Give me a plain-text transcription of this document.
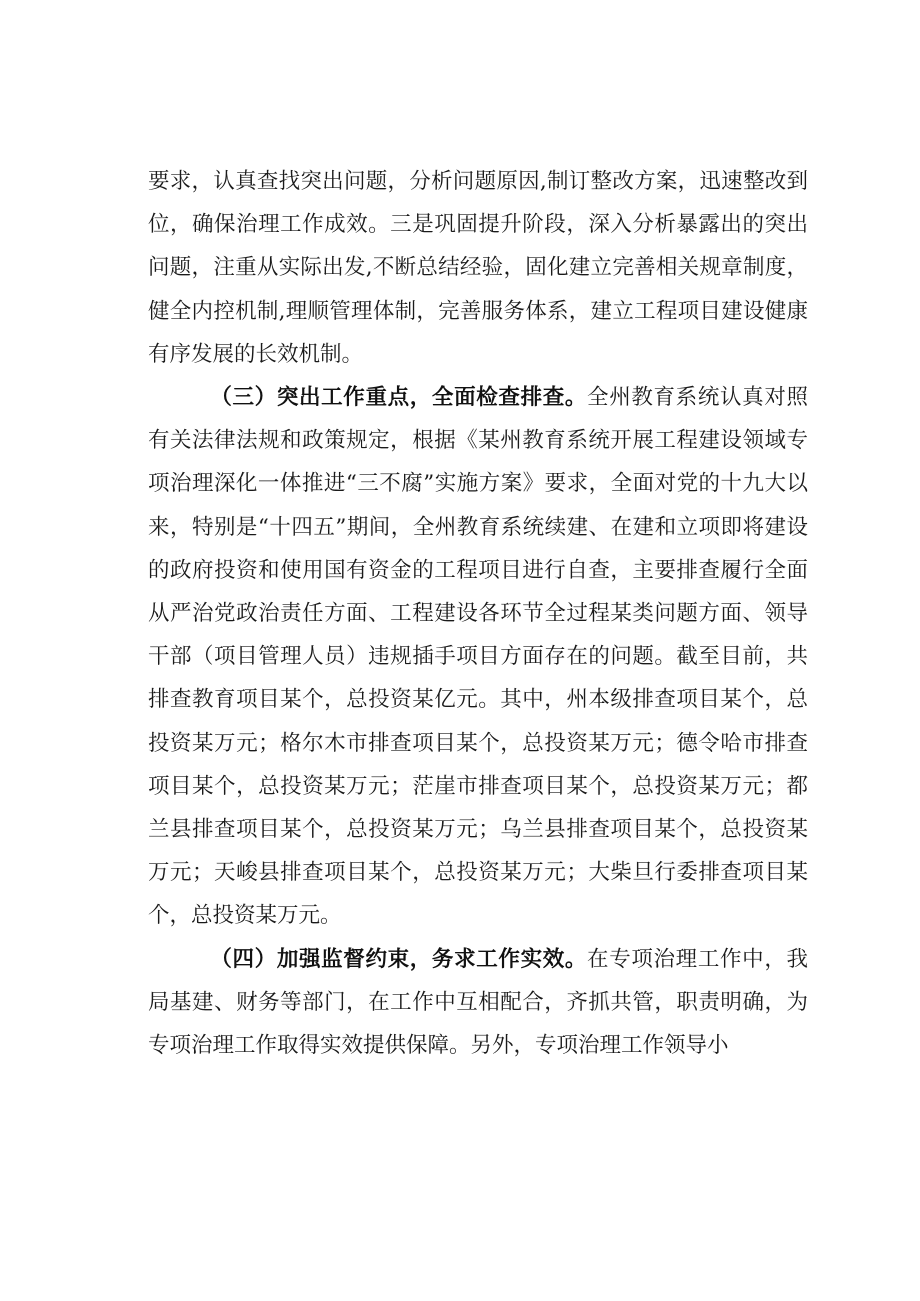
要求，认真查找突出问题，分析问题原因,制订整改方案，迅速整改到位，确保治理工作成效。三是巩固提升阶段，深入分析暴露出的突出问题，注重从实际出发,不断总结经验，固化建立完善相关规章制度，健全内控机制,理顺管理体制，完善服务体系，建立工程项目建设健康有序发展的长效机制。

（三）突出工作重点，全面检查排查。全州教育系统认真对照有关法律法规和政策规定，根据《某州教育系统开展工程建设领域专项治理深化一体推进“三不腐”实施方案》要求，全面对党的十九大以来，特别是“十四五”期间，全州教育系统续建、在建和立项即将建设的政府投资和使用国有资金的工程项目进行自查，主要排查履行全面从严治党政治责任方面、工程建设各环节全过程某类问题方面、领导干部（项目管理人员）违规插手项目方面存在的问题。截至目前，共排查教育项目某个，总投资某亿元。其中，州本级排查项目某个，总投资某万元；格尔木市排查项目某个，总投资某万元；德令哈市排查项目某个，总投资某万元；茫崖市排查项目某个，总投资某万元；都兰县排查项目某个，总投资某万元；乌兰县排查项目某个，总投资某万元；天峻县排查项目某个，总投资某万元；大柴旦行委排查项目某个，总投资某万元。

（四）加强监督约束，务求工作实效。在专项治理工作中，我局基建、财务等部门，在工作中互相配合，齐抓共管，职责明确，为专项治理工作取得实效提供保障。另外，专项治理工作领导小
